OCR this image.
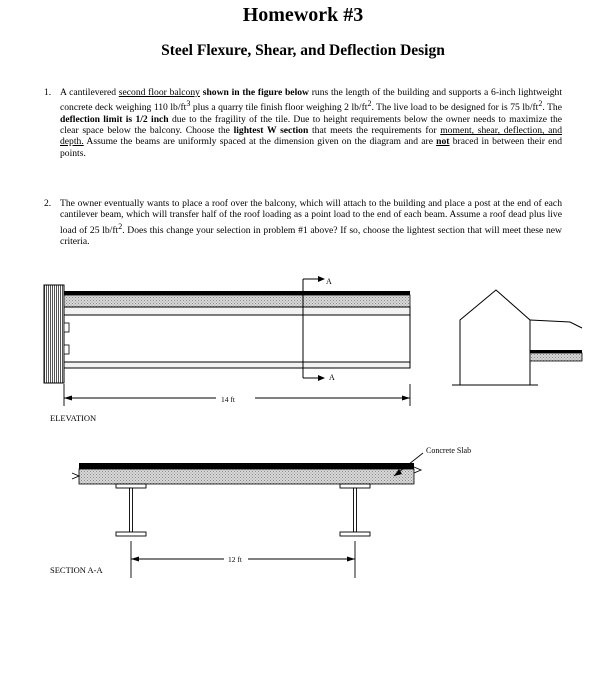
Homework #3
Steel Flexure, Shear, and Deflection Design

1. A cantilevered second floor balcony shown in the figure below runs the length of the building and supports a 6-inch lightweight concrete deck weighing 110 $lb/ft^3$ plus a quarry tile finish floor weighing 2 $lb/ft^2$. The live load to be designed for is 75 $lb/ft^2$. The deflection limit is 1/2 inch due to the fragility of the tile. Due to height requirements below the owner needs to maximize the clear space below the balcony. Choose the lightest W section that meets the requirements for moment, shear, deflection, and depth. Assume the beams are uniformly spaced at the dimension given on the diagram and are not braced in between their end points.

2. The owner eventually wants to place a roof over the balcony, which will attach to the building and place a post at the end of each cantilever beam, which will transfer half of the roof loading as a point load to the end of each beam. Assume a roof dead plus live load of 25 $lb/ft^2$. Does this change your selection in problem #1 above? If so, choose the lightest section that will meet these new criteria.

A
A
14 ft
ELEVATION
Concrete Slab
12 ft
SECTION A-A
